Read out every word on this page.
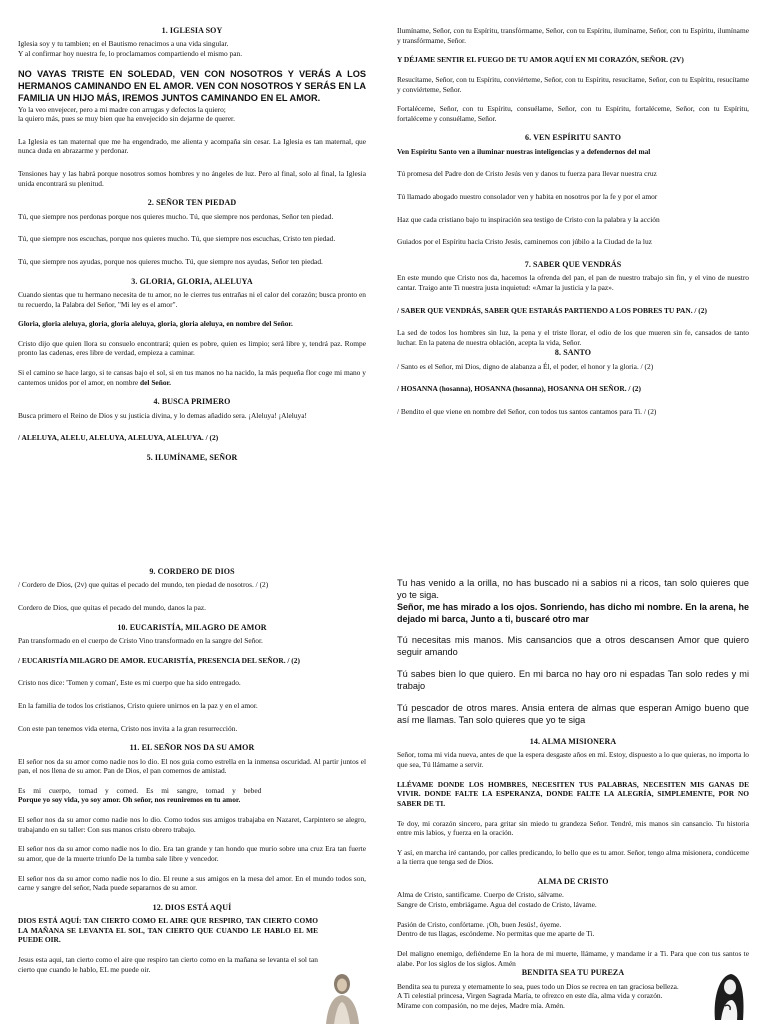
1. IGLESIA SOY

Iglesia soy y tu tambien; en el Bautismo renacimos a una vida singular.

Y al confirmar hoy nuestra fe, lo proclamamos compartiendo el mismo pan.

NO VAYAS TRISTE EN SOLEDAD, VEN CON NOSOTROS Y VERÁS A LOS HERMANOS CAMINANDO EN EL AMOR. VEN CON NOSOTROS Y SERÁS EN LA FAMILIA UN HIJO MÁS, IREMOS JUNTOS CAMINANDO EN EL AMOR.

Yo la veo envejecer, pero a mi madre con arrugas y defectos la quiero;

la quiero más, pues se muy bien que ha envejecido sin dejarme de querer.

La Iglesia es tan maternal que me ha engendrado, me alienta y acompaña sin cesar. La Iglesia es tan maternal, que nunca duda en abrazarme y perdonar.

Tensiones hay y las habrá porque nosotros somos hombres y no ángeles de luz. Pero al final, solo al final, la Iglesia unida encontrará su plenitud.

2. SEÑOR TEN PIEDAD

Tú, que siempre nos perdonas porque nos quieres mucho. Tú, que siempre nos perdonas, Señor ten piedad.

Tú, que siempre nos escuchas, porque nos quieres mucho. Tú, que siempre nos escuchas, Cristo ten piedad.

Tú, que siempre nos ayudas, porque nos quieres mucho. Tú, que siempre nos ayudas, Señor ten piedad.

3. GLORIA, GLORIA, ALELUYA

Cuando sientas que tu hermano necesita de tu amor, no le cierres tus entrañas ni el calor del corazón; busca pronto en tu recuerdo, la Palabra del Señor, "Mi ley es el amor".

Gloria, gloria aleluya, gloria, gloria aleluya, gloria, gloria aleluya, en nombre del Señor.

Cristo dijo que quien llora su consuelo encontrará; quien es pobre, quien es limpio; será libre y, tendrá paz. Rompe pronto las cadenas, eres libre de verdad, empieza a caminar.

Si el camino se hace largo, si te cansas bajo el sol, si en tus manos no ha nacido, la más pequeña flor coge mi mano y cantemos unidos por el amor, en nombre del Señor.

4. BUSCA PRIMERO

Busca primero el Reino de Dios y su justicia divina, y lo demas añadido sera. ¡Aleluya! ¡Aleluya!

/ ALELUYA, ALELU, ALELUYA, ALELUYA, ALELUYA. / (2)

5. ILUMÍNAME, SEÑOR

Ilumíname, Señor, con tu Espíritu, transfórmame, Señor, con tu Espíritu, ilumíname, Señor, con tu Espíritu, ilumíname y transfórmame, Señor.

Y DÉJAME SENTIR EL FUEGO DE TU AMOR AQUÍ EN MI CORAZÓN, SEÑOR. (2V)

Resucítame, Señor, con tu Espíritu, conviérteme, Señor, con tu Espíritu, resucítame, Señor, con tu Espíritu, resucítame y conviérteme, Señor.

Fortaléceme, Señor, con tu Espíritu, consuélame, Señor, con tu Espíritu, fortaléceme, Señor, con tu Espíritu, fortaléceme y consuélame, Señor.

6. VEN ESPÍRITU SANTO

Ven Espíritu Santo ven a iluminar nuestras inteligencias y a defendernos del mal

Tú promesa del Padre don de Cristo Jesús ven y danos tu fuerza para llevar nuestra cruz

Tú llamado abogado nuestro consolador ven y habita en nosotros por la fe y por el amor

Haz que cada cristiano bajo tu inspiración sea testigo de Cristo con la palabra y la acción

Guiados por el Espíritu hacia Cristo Jesús, caminemos con júbilo a la Ciudad de la luz

7. SABER QUE VENDRÁS

En este mundo que Cristo nos da, hacemos la ofrenda del pan, el pan de nuestro trabajo sin fin, y el vino de nuestro cantar. Traigo ante Ti nuestra justa inquietud: «Amar la justicia y la paz».

/ SABER QUE VENDRÁS, SABER QUE ESTARÁS PARTIENDO A LOS POBRES TU PAN. / (2)

La sed de todos los hombres sin luz, la pena y el triste llorar, el odio de los que mueren sin fe, cansados de tanto luchar. En la patena de nuestra oblación, acepta la vida, Señor.

8. SANTO

/ Santo es el Señor, mi Dios, digno de alabanza a Él, el poder, el honor y la gloria. / (2)

/ HOSANNA (hosanna), HOSANNA (hosanna), HOSANNA OH SEÑOR. / (2)

/ Bendito el que viene en nombre del Señor, con todos tus santos cantamos para Ti. / (2)

9. CORDERO DE DIOS

/ Cordero de Dios, (2v) que quitas el pecado del mundo, ten piedad de nosotros. / (2)

Cordero de Dios, que quitas el pecado del mundo, danos la paz.

10. EUCARISTÍA, MILAGRO DE AMOR

Pan transformado en el cuerpo de Cristo Vino transformado en la sangre del Señor.

/ EUCARISTÍA MILAGRO DE AMOR. EUCARISTÍA, PRESENCIA DEL SEÑOR. / (2)

Cristo nos dice: 'Tomen y coman', Este es mi cuerpo que ha sido entregado.

En la familia de todos los cristianos, Cristo quiere unirnos en la paz y en el amor.

Con este pan tenemos vida eterna, Cristo nos invita a la gran resurrección.

11. EL SEÑOR NOS DA SU AMOR

El señor nos da su amor como nadie nos lo dio. El nos guia como estrella en la inmensa oscuridad. Al partir juntos el pan, el nos llena de su amor. Pan de Dios, el pan comemos de amistad.

Es mi cuerpo, tomad y comed. Es mi sangre, tomad y bebed

Porque yo soy vida, yo soy amor. Oh señor, nos reuniremos en tu amor.

El señor nos da su amor como nadie nos lo dio. Como todos sus amigos trabajaba en Nazaret, Carpintero se alegro, trabajando en su taller: Con sus manos cristo obrero trabajo.

El señor nos da su amor como nadie nos lo dio. Era tan grande y tan hondo que murio sobre una cruz Era tan fuerte su amor, que de la muerte triunfo De la tumba sale libre y vencedor.

El señor nos da su amor como nadie nos lo dio. El reune a sus amigos en la mesa del amor. En el mundo todos son, carne y sangre del señor, Nada puede separarnos de su amor.

12. DIOS ESTÁ AQUÍ

DIOS ESTÁ AQUÍ: TAN CIERTO COMO EL AIRE QUE RESPIRO, TAN CIERTO COMO LA MAÑANA SE LEVANTA EL SOL, TAN CIERTO QUE CUANDO LE HABLO EL ME PUEDE OIR.

Jesus esta aqui, tan cierto como el aire que respiro tan cierto como en la mañana se levanta el sol tan cierto que cuando le hablo, EL me puede oir.

Tu has venido a la orilla, no has buscado ni a sabios ni a ricos, tan solo quieres que yo te siga.

Señor, me has mirado a los ojos. Sonriendo, has dicho mi nombre. En la arena, he dejado mi barca, Junto a ti, buscaré otro mar

Tú necesitas mis manos. Mis cansancios que a otros descansen Amor que quiero seguir amando

Tú sabes bien lo que quiero. En mi barca no hay oro ni espadas Tan solo redes y mi trabajo

Tú pescador de otros mares. Ansia entera de almas que esperan Amigo bueno que así me llamas. Tan solo quieres que yo te siga

14. ALMA MISIONERA

Señor, toma mi vida nueva, antes de que la espera desgaste años en mí. Estoy, dispuesto a lo que quieras, no importa lo que sea, Tú llámame a servir.

LLÉVAME DONDE LOS HOMBRES, NECESITEN TUS PALABRAS, NECESITEN MIS GANAS DE VIVIR. DONDE FALTE LA ESPERANZA, DONDE FALTE LA ALEGRÍA, SIMPLEMENTE, POR NO SABER DE TI.

Te doy, mi corazón sincero, para gritar sin miedo tu grandeza Señor. Tendré, mis manos sin cansancio. Tu historia entre mis labios, y fuerza en la oración.

Y así, en marcha iré cantando, por calles predicando, lo bello que es tu amor. Señor, tengo alma misionera, condúceme a la tierra que tenga sed de Dios.

ALMA DE CRISTO

Alma de Cristo, santifícame. Cuerpo de Cristo, sálvame.

Sangre de Cristo, embriágame. Agua del costado de Cristo, lávame.

Pasión de Cristo, confórtame. ¡Oh, buen Jesús!, óyeme.

Dentro de tus llagas, escóndeme. No permitas que me aparte de Ti.

Del maligno enemigo, defiéndeme En la hora de mi muerte, llámame, y mandame ir a Ti. Para que con tus santos te alabe. Por los siglos de los siglos. Amén

BENDITA SEA TU PUREZA

Bendita sea tu pureza y eternamente lo sea, pues todo un Dios se recrea en tan graciosa belleza.

A Ti celestial princesa, Virgen Sagrada María, te ofrezco en este día, alma vida y corazón.

Mírame con compasión, no me dejes, Madre mía. Amén.
